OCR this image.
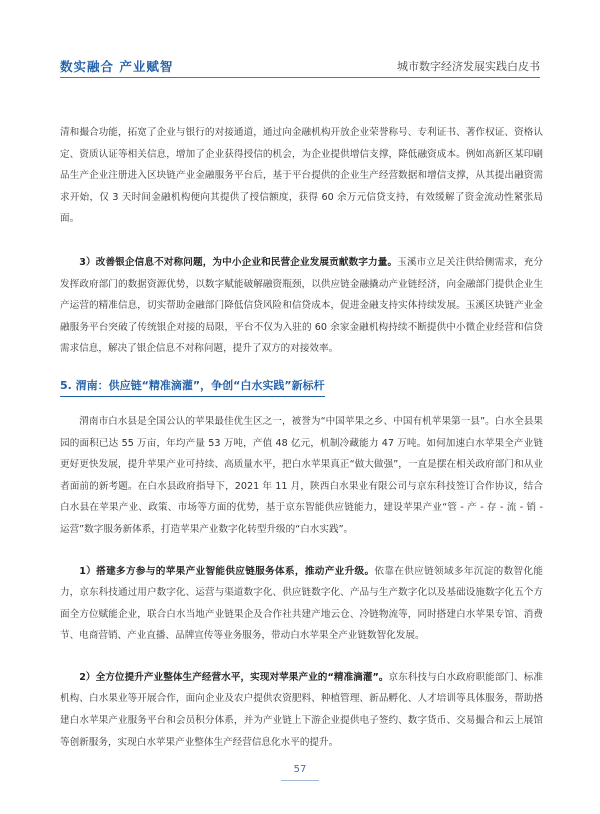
数实融合 产业赋智	城市数字经济发展实践白皮书

清和撮合功能，拓宽了企业与银行的对接通道，通过向金融机构开放企业荣誉称号、专利证书、著作权证、资格认定、资质认证等相关信息，增加了企业获得授信的机会，为企业提供增信支撑，降低融资成本。例如高新区某印刷品生产企业注册进入区块链产业金融服务平台后，基于平台提供的企业生产经营数据和增信支撑，从其提出融资需求开始，仅 3 天时间金融机构便向其提供了授信额度，获得 60 余万元信贷支持，有效缓解了资金流动性紧张局面。

3）改善银企信息不对称问题，为中小企业和民营企业发展贡献数字力量。玉溪市立足关注供给侧需求，充分发挥政府部门的数据资源优势，以数字赋能破解融资瓶颈，以供应链金融撬动产业链经济，向金融部门提供企业生产运营的精准信息，切实帮助金融部门降低信贷风险和信贷成本，促进金融支持实体持续发展。玉溪区块链产业金融服务平台突破了传统银企对接的局限，平台不仅为入驻的 60 余家金融机构持续不断提供中小微企业经营和信贷需求信息，解决了银企信息不对称问题，提升了双方的对接效率。

5. 渭南：供应链“精准滴灌”，争创“白水实践”新标杆

渭南市白水县是全国公认的苹果最佳优生区之一，被誉为“中国苹果之乡、中国有机苹果第一县”。白水全县果园的面积已达 55 万亩，年均产量 53 万吨，产值 48 亿元，机制冷藏能力 47 万吨。如何加速白水苹果全产业链更好更快发展，提升苹果产业可持续、高质量水平，把白水苹果真正“做大做强”，一直是摆在相关政府部门和从业者面前的新考题。在白水县政府指导下，2021 年 11 月，陕西白水果业有限公司与京东科技签订合作协议，结合白水县在苹果产业、政策、市场等方面的优势，基于京东智能供应链能力，建设苹果产业“管 - 产 - 存 - 流 - 销 - 运营”数字服务新体系，打造苹果产业数字化转型升级的“白水实践”。

1）搭建多方参与的苹果产业智能供应链服务体系，推动产业升级。依靠在供应链领域多年沉淀的数智化能力，京东科技通过用户数字化、运营与渠道数字化、供应链数字化、产品与生产数字化以及基础设施数字化五个方面全方位赋能企业，联合白水当地产业链果企及合作社共建产地云仓、冷链物流等，同时搭建白水苹果专馆、消费节、电商营销、产业直播、品牌宣传等业务服务，带动白水苹果全产业链数智化发展。

2）全方位提升产业整体生产经营水平，实现对苹果产业的“精准滴灌”。京东科技与白水政府职能部门、标准机构、白水果业等开展合作，面向企业及农户提供农资肥料、种植管理、新品孵化、人才培训等具体服务，帮助搭建白水苹果产业服务平台和会员积分体系，并为产业链上下游企业提供电子签约、数字货币、交易撮合和云上展馆等创新服务，实现白水苹果产业整体生产经营信息化水平的提升。

57
